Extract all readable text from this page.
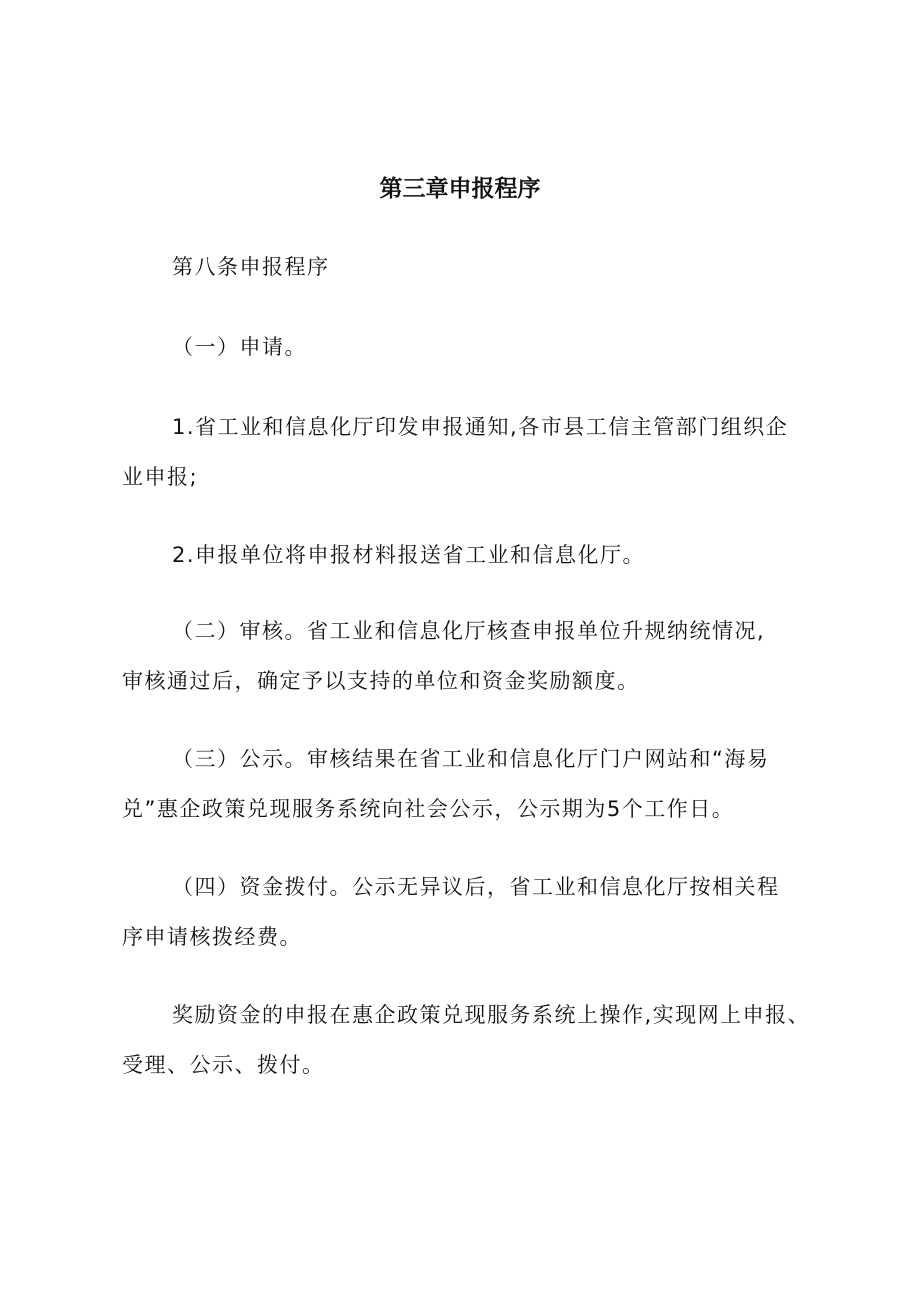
第三章申报程序
第八条申报程序
（一）申请。
1.省工业和信息化厅印发申报通知,各市县工信主管部门组织企
业申报;
2.申报单位将申报材料报送省工业和信息化厅。
（二）审核。省工业和信息化厅核查申报单位升规纳统情况,
审核通过后，确定予以支持的单位和资金奖励额度。
（三）公示。审核结果在省工业和信息化厅门户网站和“海易
兑”惠企政策兑现服务系统向社会公示，公示期为5个工作日。
（四）资金拨付。公示无异议后，省工业和信息化厅按相关程
序申请核拨经费。
奖励资金的申报在惠企政策兑现服务系统上操作,实现网上申报、
受理、公示、拨付。
